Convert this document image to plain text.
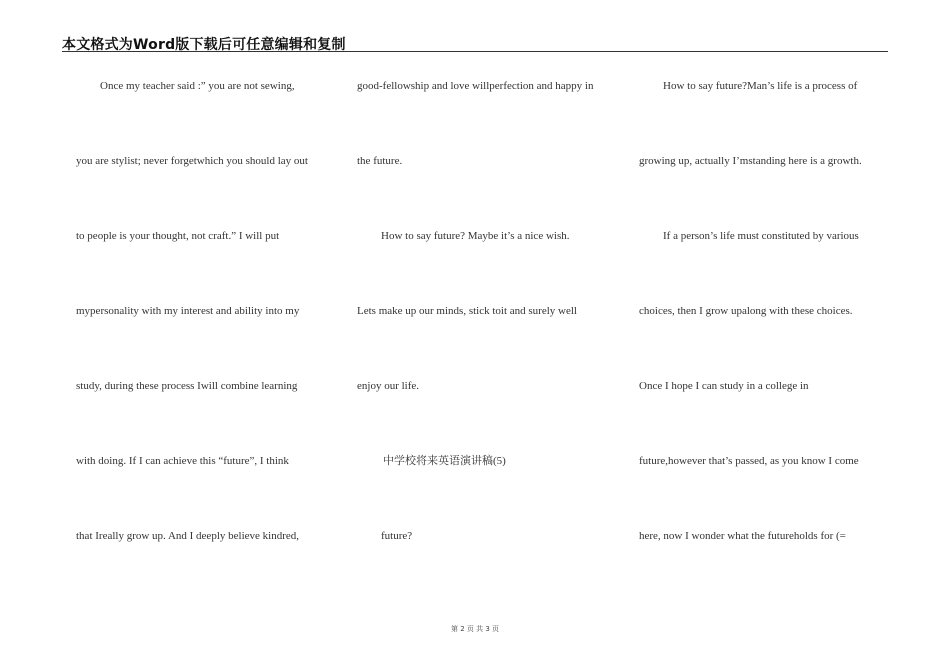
本文格式为Word版下载后可任意编辑和复制
Once my teacher said :” you are not sewing,
you are stylist; never forgetwhich you should lay out
to people is your thought, not craft.” I will put
mypersonality with my interest and ability into my
study, during these process Iwill combine learning
with doing. If I can achieve this “future”, I think
that Ireally grow up. And I deeply believe kindred,
good-fellowship and love willperfection and happy in
the future.
How to say future? Maybe it’s a nice wish.
Lets make up our minds, stick toit and surely well
enjoy our life.
中学校将来英语演讲稿(5)
future?
How to say future?Man’s life is a process of
growing up, actually I’mstanding here is a growth.
If a person’s life must constituted by various
choices, then I grow upalong with these choices.
Once I hope I can study in a college in
future,however that’s passed, as you know I come
here, now I wonder what the futureholds for (=
第 2 页 共 3 页
